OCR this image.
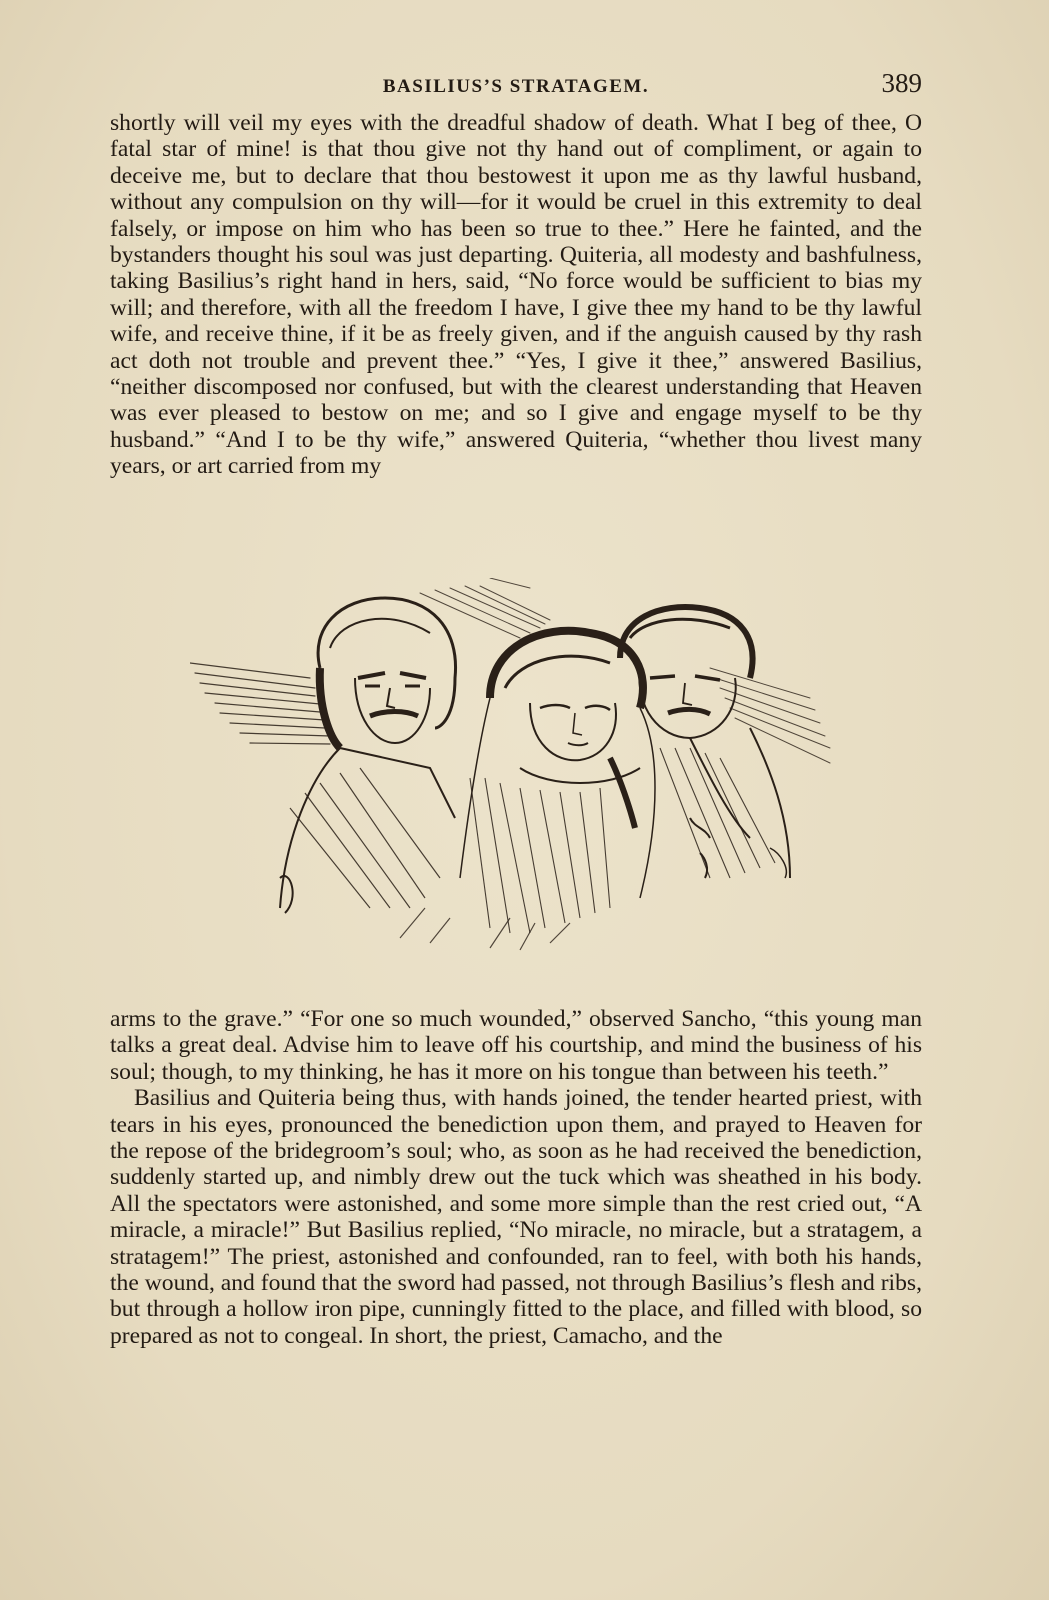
BASILIUS’S STRATAGEM.	389

shortly will veil my eyes with the dreadful shadow of death. What I beg of thee, O fatal star of mine! is that thou give not thy hand out of compliment, or again to deceive me, but to declare that thou bestowest it upon me as thy lawful husband, without any compulsion on thy will—for it would be cruel in this extremity to deal falsely, or impose on him who has been so true to thee.” Here he fainted, and the bystanders thought his soul was just departing. Quiteria, all modesty and bashfulness, taking Basilius’s right hand in hers, said, “No force would be sufficient to bias my will; and therefore, with all the freedom I have, I give thee my hand to be thy lawful wife, and receive thine, if it be as freely given, and if the anguish caused by thy rash act doth not trouble and prevent thee.” “Yes, I give it thee,” answered Basilius, “neither discomposed nor confused, but with the clearest understanding that Heaven was ever pleased to bestow on me; and so I give and engage myself to be thy husband.” “And I to be thy wife,” answered Quiteria, “whether thou livest many years, or art carried from my

arms to the grave.” “For one so much wounded,” observed Sancho, “this young man talks a great deal. Advise him to leave off his courtship, and mind the business of his soul; though, to my thinking, he has it more on his tongue than between his teeth.”

Basilius and Quiteria being thus, with hands joined, the tender hearted priest, with tears in his eyes, pronounced the benediction upon them, and prayed to Heaven for the repose of the bridegroom’s soul; who, as soon as he had received the benediction, suddenly started up, and nimbly drew out the tuck which was sheathed in his body. All the spectators were astonished, and some more simple than the rest cried out, “A miracle, a miracle!” But Basilius replied, “No miracle, no miracle, but a stratagem, a stratagem!” The priest, astonished and confounded, ran to feel, with both his hands, the wound, and found that the sword had passed, not through Basilius’s flesh and ribs, but through a hollow iron pipe, cunningly fitted to the place, and filled with blood, so prepared as not to congeal. In short, the priest, Camacho, and the
